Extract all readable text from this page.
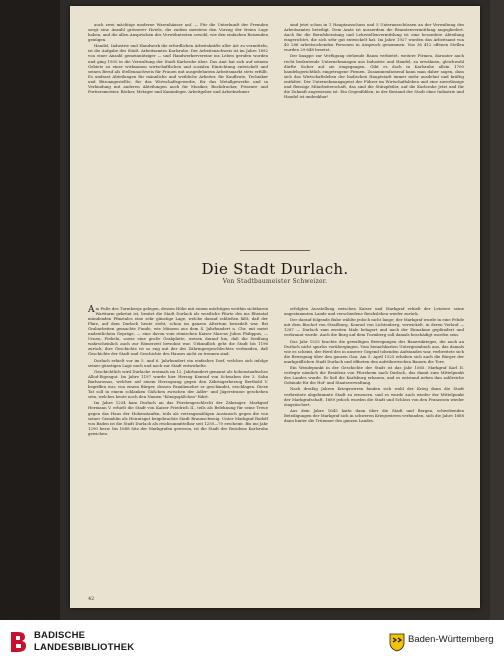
auch zwei mächtige moderne Warenhäuser auf. — Für die Unterkunft der Fremden sorgt eine Anzahl grösserer Hotels, die zudem meistens den Vorzug der freien Lage haben, und die allen Ansprüchen des Verwöhntesten sowohl, wie den einfachen Reisenden genügen.

Handel, Industrie und Handwerk die erfordlichen Arbeitskräfte aller Art zu vermitteln, ist die Aufgabe des Städt. Arbeitsamtes Karlsruhe. Der Arbeitsnachweis ist im Jahre 1892 von einer Anzahl gemeinnütziger — und Handwerkervereine ins Leben gerufen worden und ging 1905 in die Verwaltung der Stadt Karlsruhe über. Das Amt hat sich auf seinem Gebiete zu einer wirksamen wirtschaftlichen und sozialen Einrichtung entwickelt und seinen Beruf als Stellennachweis für Frauen mit ausgedehntem Arbeitsmarkt stets erfüllt. Es umfasst Abteilungen für männliche und weibliche Arbeiter, für Kaufleute, Techniker und Büroangestellte, für das Wirtschaftsgewerbe, für das Metallgewerbe und in Verbindung mit anderen Abteilungen auch für Musiker, Buchdrucker, Friseure und Portiersmeister, Bäcker, Metzger und Kaminfeger. Arbeitgeber und Arbeitnehmer

sind jetzt schon in 1 Hauptausschuss und 5 Unterausschüssen an der Verwaltung des Arbeitsamtes beteiligt. Dem Amte ist ausserdem die Beamtenvermittlung angegliedert. Auch für die Berufsberatung und Lehrstellenvermittlung ist eine besondere Abteilung eingerichtet, die sich sehr gut entwickelt hat. Im Jahre 1927 wurden das Arbeitsamt von 40 286 arbeitsuchenden Personen in Anspruch genommen. Von 36 412 offenen Stellen wurden 29 648 besetzt.

Der knappe zur Verfügung stehende Raum verbietet, weitere Firmen, darunter auch recht bedeutende Unternehmungen aus Industrie und Handel, zu erwähnen, gleichwohl dürfte Sicher auf sie eingegangen. Gibt es doch in Karlsruhe allein 1700 handelsgerichtlich eingetragene Firmen. Zusammenfassend kann man daher sagen, dass sich das Wirtschaftsleben der badischen Hauptstadt immer mehr ausdehnt und kräftig entfaltet. Der Unternehmungsgeist der Führer im Wirtschaftsleben und eine zuverlässige und fleissige Mitarbeiterschaft, das sind die Stützpfeiler, auf die Karlsruhe jetzt und für die Zukunft angewiesen ist. Ein Gegenfühlen, in der Bestand der Stadt ohne Industrie und Handel ist undenkbar!

Die Stadt Durlach.
Von Stadtbaumeister Schweizer.

Am Fuße des Turmbergs gelegen, dessen Höhe mit einem mächtigen weithin sichtbaren Wartturm gekrönt ist, besitzt die Stadt Durlach als westliche Pforte des ins Rheintal mündenden Pfinztales eine sehr günstige Lage, welche darauf schließen läßt, daß der Platz, auf dem Durlach heute steht, schon im ganzen Altertum besiedelt war. Bei Grabarbeiten gemachte Funde, wie Münzen aus dem 4. Jahrhundert n. Chr. mit meist undeutlichem Gepräge, — eine davon vom römischen Kaiser Marcus Julius Philippus, — Urnen, Fiebeln, sowie eine große Grabplatte, weisen darauf hin, daß die Siedlung wahrscheinlich auch zur Römerzeit bewohnt war. Urkundlich geht die Stadt bis 1196 zurück; ihre Geschichte ist so eng mit der des Zähringergeschlechtes verbunden, daß Geschichte der Stadt und Geschichte des Hauses nicht zu trennen sind.

Durlach erhielt vor im 5. und 6. Jahrhundert ein einfaches Dorf, welches sich infolge seiner günstigen Lage nach und nach zur Stadt entwickelte.

Geschichtlich wird Durlache erstmals im 12. Jahrhundert genannt als hohenstaufisches Allod-Eigengut. Im Jahre 1197 wurde hier Herzog Konrad von Schwaben der 3. Sohn Barbarossas, welcher auf einem Herzogszug gegen den Zähringerherzog Berthold V. begriffen war, von einem Bürger, dessen Familienehre er geschändet, erschlagen. Diese Tat soll in einem schlanken Gäßchen zwischen der Adler- und Jägerstrasse geschehen sein, welches heute noch den Namen "Königsgäßchen" führt.

Im Jahre 1234 kam Durlach an das Fürstengeschlecht der Zähringer. Markgraf Hermann V. erhielt die Stadt von Kaiser Friedrich II., teils als Belehnung für seine Treue gegen das Haus der Hohenstaufen, teils als vertragsmäßigen Austausch gegen die von seiner Gemahlin als Heiratsgut beigebrachte Stadt Braunschweig. Unter Markgraf Rudolf von Baden ist die Stadt Durlach als reichsunmittelbar seit 1250—70 erscheint. Bis ins Jahr 1290 bezw. bis 1688 Sitz der Markgrafen gewesen, ist die Stadt der Residenz Karlsruhe gewichen.

erfolgten Ausstellung zwischen Kaiser und Markgraf erhielt der Letztere seine angestammten Lande und verschiedene Reichslehen wieder zurück.

Der darauf folgende Bube wählte jedoch nicht lange; der Markgraf wurde in eine Fehde mit dem Bischof von Straßburg, Konrad von Lichtenberg, verwickelt, in deren Verlauf — 1287 — Durlach zum zweiten Male belagert und nach der Einnahme geplündert und verbrannt wurde. Auch die Burg auf dem Turmberg soll damals beschädigt worden sein.

Das Jahr 1525 brachte die gewaltigen Bewegungen des Bauernkrieges, die auch an Durlach nicht spurlos vorübergingen. Vom benachbarten Untergrombach aus, das damals wie es scheint, der Herd des in unserer Gegend tobenden Aufstandes war, verbreitete sich die Bewegung über den ganzen Gau. Am 5. April 1525 erhoben sich auch die Bürger der markgräflichen Stadt Durlach und öffneten den aufrührerischen Bauern die Tore.

Ein Wendepunkt in der Geschichte der Stadt ist das Jahr 1565. Markgraf Karl II. verlegte nämlich die Residenz von Pforzheim nach Durlach, das damit zum Mittelpunkt des Landes wurde. Er ließ die Karlsburg erbauen, und es entstand neben ihm zahlreiche Gebäude für die Hof- und Staatsverwaltung.

Nach dreißig Jahren Kriegswirren fanden sich wohl der Krieg dann die Stadt verbreitete abgebrannte Stadt zu erneuern, und es wurde auch wieder der Mittelpunkt der Markgrafschaft, 1689 jedoch wurden die Stadt und Schloss von den Franzosen wieder eingeäschert.

Aus dem Jahre 1645 hatte dann über die Stadt und Bergen, schwebenden Beteiligungen der Markgraf sich in schweren Kriegswirren verbunden, sich die Jahre 1688 dann hinter die Trümmer des ganzen Landes.

42
BADISCHE
LANDESBIBLIOTHEK
Baden-Württemberg
